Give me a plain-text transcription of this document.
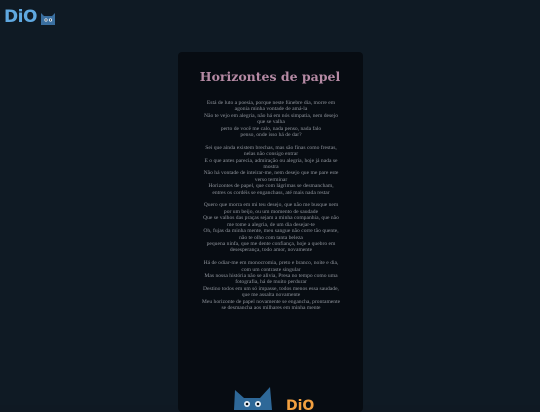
DiO
Horizontes de papel
Está de luto a poesia, porque neste fúnebre dia, morre em
agonia minha vontade de amá-la
Não te vejo em alegria, não há em nós simpatia, nem desejo
que se valha
perto de você me calo, nada penso, nada falo
penso, onde isso há de dar?
Sei que ainda existem brechas, mas são finas como frestas,
nelas não consigo entrar
E o que antes parecia, admiração ou alegria, hoje já nada se
mostra
Não há vontade de inteirar-me, nem desejo que me pare este
verso terminar
Horizontes de papel, que com lágrimas se desmancham,
entres os cordéis se enganchass, até mais nada restar
Quero que morra em mi teu desejo, que não me busque nem
por um beijo, ou um momento de saudade
Que se valhos das praças sejam a minha companhia, que não
me tome a alegria, de um dia desejar-te
Oh, fujas da minha mente, meu sangue não corre tão quente,
não te olho com tanta beleza
pequena ninfa, que me dente confiança, hoje a quebro em
desesperança, todo amor, novamente
Há de odiar-me em monocromia, preto e branco, noite e dia,
com um contraste singular
Mas nossa história não se alivia, Presa no tempo como uma
fotografia, há de muito perdurar
Destino todos em um só impasse, todos menos essa saudade,
que me assalta novamente
Meu horizonte de papel novamente se engancha, prontamente
se desmancha aos milhares em minha mente
DiO
